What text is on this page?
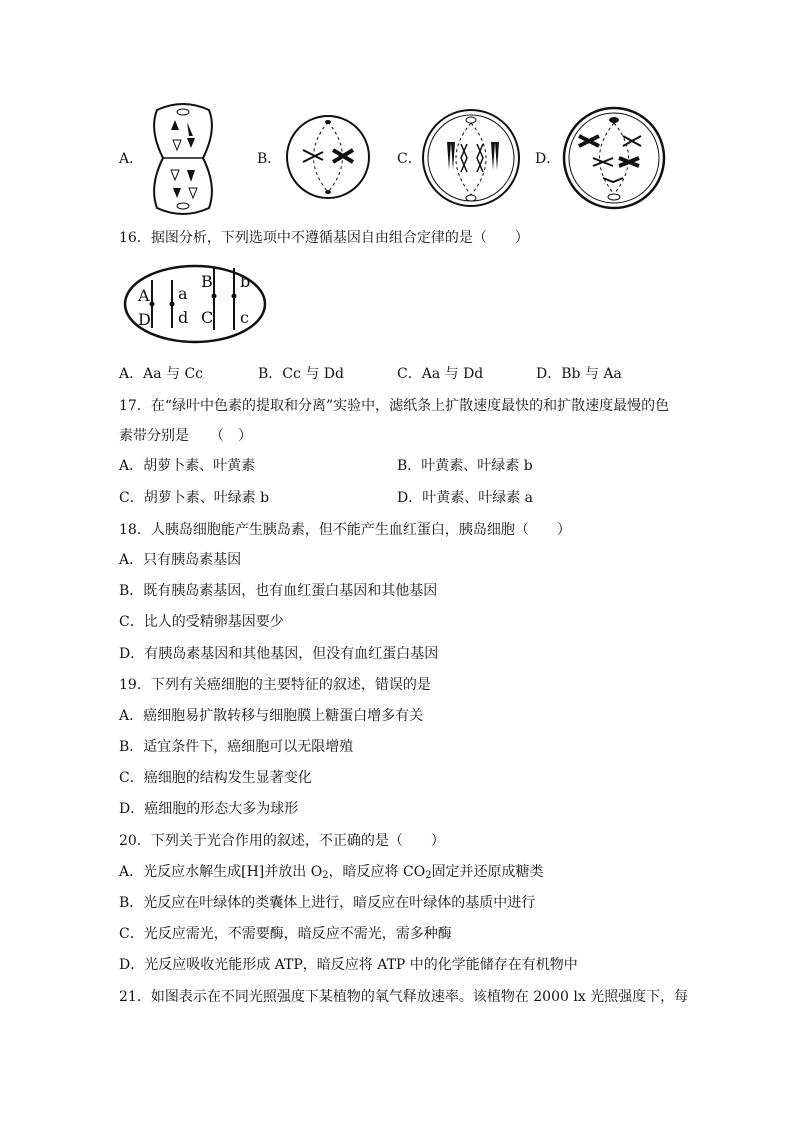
A．	B．	C．	D．
16．据图分析，下列选项中不遵循基因自由组合定律的是（　　）
A a
D d
B b
C c
A．Aa 与 Cc	B．Cc 与 Dd	C．Aa 与 Dd	D．Bb 与 Aa
17．在“绿叶中色素的提取和分离”实验中，滤纸条上扩散速度最快的和扩散速度最慢的色
素带分别是　　（　）
A．胡萝卜素、叶黄素	B．叶黄素、叶绿素 b
C．胡萝卜素、叶绿素 b	D．叶黄素、叶绿素 a
18．人胰岛细胞能产生胰岛素，但不能产生血红蛋白，胰岛细胞（　　）
A．只有胰岛素基因
B．既有胰岛素基因，也有血红蛋白基因和其他基因
C．比人的受精卵基因要少
D．有胰岛素基因和其他基因，但没有血红蛋白基因
19．下列有关癌细胞的主要特征的叙述，错误的是
A．癌细胞易扩散转移与细胞膜上糖蛋白增多有关
B．适宜条件下，癌细胞可以无限增殖
C．癌细胞的结构发生显著变化
D．癌细胞的形态大多为球形
20．下列关于光合作用的叙述，不正确的是（　　）
A．光反应水解生成[H]并放出 $O_2$，暗反应将 $CO_2$固定并还原成糖类
B．光反应在叶绿体的类囊体上进行，暗反应在叶绿体的基质中进行
C．光反应需光，不需要酶，暗反应不需光，需多种酶
D．光反应吸收光能形成 ATP，暗反应将 ATP 中的化学能储存在有机物中
21．如图表示在不同光照强度下某植物的氧气释放速率。该植物在 2000 lx 光照强度下，每
